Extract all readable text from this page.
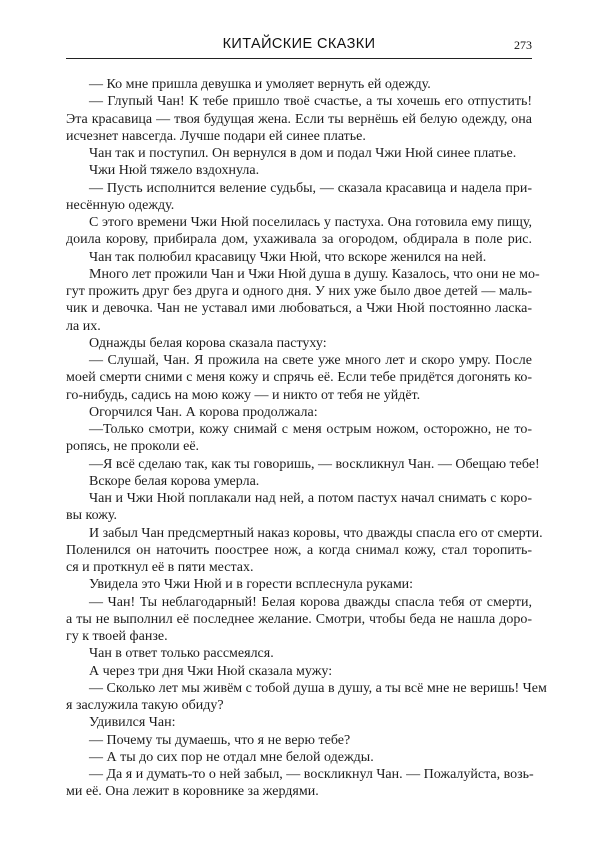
КИТАЙСКИЕ СКАЗКИ	273
— Ко мне пришла девушка и умоляет вернуть ей одежду.
— Глупый Чан! К тебе пришло твоё счастье, а ты хочешь его отпустить!
Эта красавица — твоя будущая жена. Если ты вернёшь ей белую одежду, она
исчезнет навсегда. Лучше подари ей синее платье.
Чан так и поступил. Он вернулся в дом и подал Чжи Нюй синее платье.
Чжи Нюй тяжело вздохнула.
— Пусть исполнится веление судьбы, — сказала красавица и надела при-
несённую одежду.
С этого времени Чжи Нюй поселилась у пастуха. Она готовила ему пищу,
доила корову, прибирала дом, ухаживала за огородом, обдирала в поле рис.
Чан так полюбил красавицу Чжи Нюй, что вскоре женился на ней.
Много лет прожили Чан и Чжи Нюй душа в душу. Казалось, что они не мо-
гут прожить друг без друга и одного дня. У них уже было двое детей — маль-
чик и девочка. Чан не уставал ими любоваться, а Чжи Нюй постоянно ласка-
ла их.
Однажды белая корова сказала пастуху:
— Слушай, Чан. Я прожила на свете уже много лет и скоро умру. После
моей смерти сними с меня кожу и спрячь её. Если тебе придётся догонять ко-
го-нибудь, садись на мою кожу — и никто от тебя не уйдёт.
Огорчился Чан. А корова продолжала:
—Только смотри, кожу снимай с меня острым ножом, осторожно, не то-
ропясь, не проколи её.
—Я всё сделаю так, как ты говоришь, — воскликнул Чан. — Обещаю тебе!
Вскоре белая корова умерла.
Чан и Чжи Нюй поплакали над ней, а потом пастух начал снимать с коро-
вы кожу.
И забыл Чан предсмертный наказ коровы, что дважды спасла его от смерти.
Поленился он наточить поострее нож, а когда снимал кожу, стал торопить-
ся и проткнул её в пяти местах.
Увидела это Чжи Нюй и в горести всплеснула руками:
— Чан! Ты неблагодарный! Белая корова дважды спасла тебя от смерти,
а ты не выполнил её последнее желание. Смотри, чтобы беда не нашла доро-
гу к твоей фанзе.
Чан в ответ только рассмеялся.
А через три дня Чжи Нюй сказала мужу:
— Сколько лет мы живём с тобой душа в душу, а ты всё мне не веришь! Чем
я заслужила такую обиду?
Удивился Чан:
— Почему ты думаешь, что я не верю тебе?
— А ты до сих пор не отдал мне белой одежды.
— Да я и думать-то о ней забыл, — воскликнул Чан. — Пожалуйста, возь-
ми её. Она лежит в коровнике за жердями.
